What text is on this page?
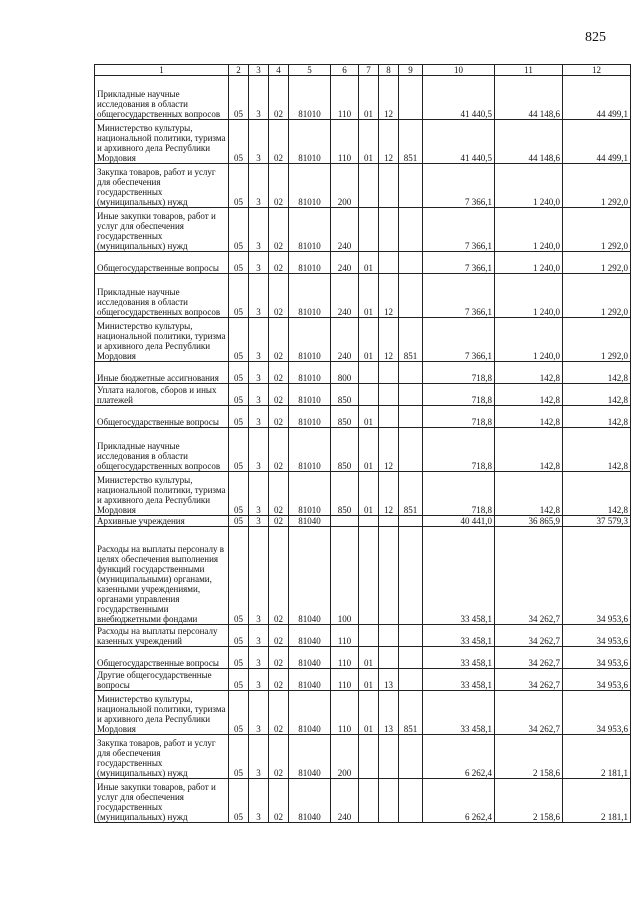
825
1	2	3	4	5	6	7	8	9	10	11	12
Прикладные научные исследования в области общегосударственных вопросов	05	3	02	81010	110	01	12		41 440,5	44 148,6	44 499,1
Министерство культуры, национальной политики, туризма и архивного дела Республики Мордовия	05	3	02	81010	110	01	12	851	41 440,5	44 148,6	44 499,1
Закупка товаров, работ и услуг для обеспечения государственных (муниципальных) нужд	05	3	02	81010	200				7 366,1	1 240,0	1 292,0
Иные закупки товаров, работ и услуг для обеспечения государственных (муниципальных) нужд	05	3	02	81010	240				7 366,1	1 240,0	1 292,0
Общегосударственные вопросы	05	3	02	81010	240	01			7 366,1	1 240,0	1 292,0
Прикладные научные исследования в области общегосударственных вопросов	05	3	02	81010	240	01	12		7 366,1	1 240,0	1 292,0
Министерство культуры, национальной политики, туризма и архивного дела Республики Мордовия	05	3	02	81010	240	01	12	851	7 366,1	1 240,0	1 292,0
Иные бюджетные ассигнования	05	3	02	81010	800				718,8	142,8	142,8
Уплата налогов, сборов и иных платежей	05	3	02	81010	850				718,8	142,8	142,8
Общегосударственные вопросы	05	3	02	81010	850	01			718,8	142,8	142,8
Прикладные научные исследования в области общегосударственных вопросов	05	3	02	81010	850	01	12		718,8	142,8	142,8
Министерство культуры, национальной политики, туризма и архивного дела Республики Мордовия	05	3	02	81010	850	01	12	851	718,8	142,8	142,8
Архивные учреждения	05	3	02	81040					40 441,0	36 865,9	37 579,3
Расходы на выплаты персоналу в целях обеспечения выполнения функций государственными (муниципальными) органами, казенными учреждениями, органами управления государственными внебюджетными фондами	05	3	02	81040	100				33 458,1	34 262,7	34 953,6
Расходы на выплаты персоналу казенных учреждений	05	3	02	81040	110				33 458,1	34 262,7	34 953,6
Общегосударственные вопросы	05	3	02	81040	110	01			33 458,1	34 262,7	34 953,6
Другие общегосударственные вопросы	05	3	02	81040	110	01	13		33 458,1	34 262,7	34 953,6
Министерство культуры, национальной политики, туризма и архивного дела Республики Мордовия	05	3	02	81040	110	01	13	851	33 458,1	34 262,7	34 953,6
Закупка товаров, работ и услуг для обеспечения государственных (муниципальных) нужд	05	3	02	81040	200				6 262,4	2 158,6	2 181,1
Иные закупки товаров, работ и услуг для обеспечения государственных (муниципальных) нужд	05	3	02	81040	240				6 262,4	2 158,6	2 181,1
